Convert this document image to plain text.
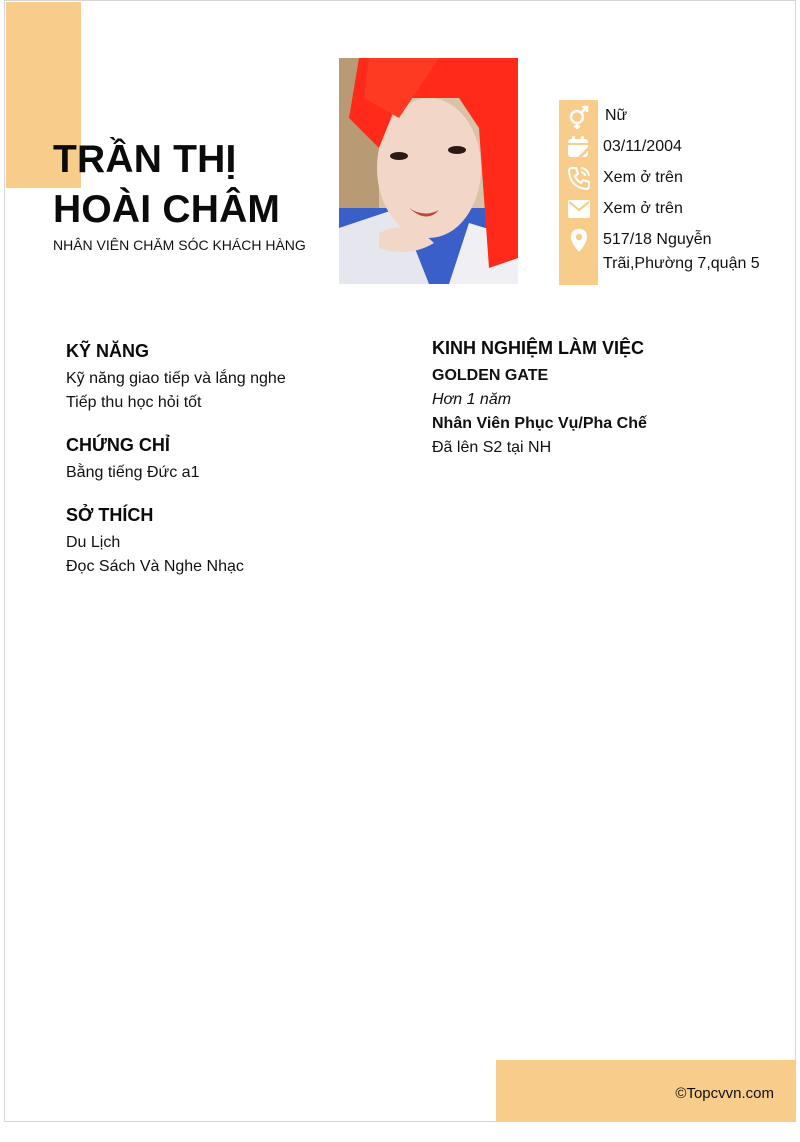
TRẦN THỊ
HOÀI CHÂM
NHÂN VIÊN CHĂM SÓC KHÁCH HÀNG
Nữ
03/11/2004
Xem ở trên
Xem ở trên
517/18 Nguyễn
Trãi,Phường 7,quận 5
KỸ NĂNG
Kỹ năng giao tiếp và lắng nghe
Tiếp thu học hỏi tốt
CHỨNG CHỈ
Bằng tiếng Đức a1
SỞ THÍCH
Du Lịch
Đọc Sách Và Nghe Nhạc
KINH NGHIỆM LÀM VIỆC
GOLDEN GATE
Hơn 1 năm
Nhân Viên Phục Vụ/Pha Chế
Đã lên S2 tại NH
©Topcvvn.com
